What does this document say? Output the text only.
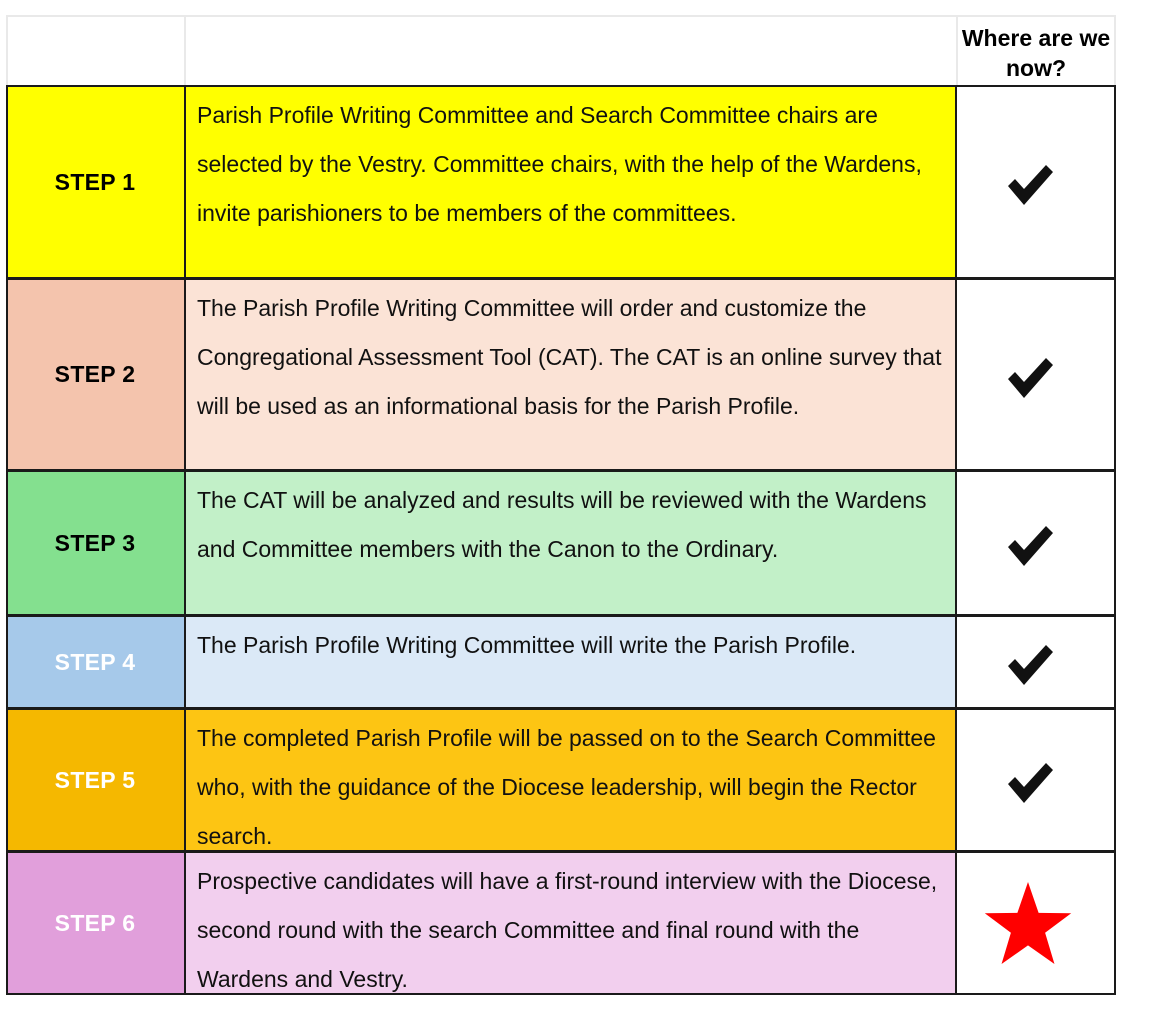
Where are we now?
STEP 1
Parish Profile Writing Committee and Search Committee chairs are selected by the Vestry. Committee chairs, with the help of the Wardens, invite parishioners to be members of the committees.
STEP 2
The Parish Profile Writing Committee will order and customize the Congregational Assessment Tool (CAT). The CAT is an online survey that will be used as an informational basis for the Parish Profile.
STEP 3
The CAT will be analyzed and results will be reviewed with the Wardens and Committee members with the Canon to the Ordinary.
STEP 4
The Parish Profile Writing Committee will write the Parish Profile.
STEP 5
The completed Parish Profile will be passed on to the Search Committee who, with the guidance of the Diocese leadership, will begin the Rector search.
STEP 6
Prospective candidates will have a first-round interview with the Diocese, second round with the search Committee and final round with the Wardens and Vestry.
